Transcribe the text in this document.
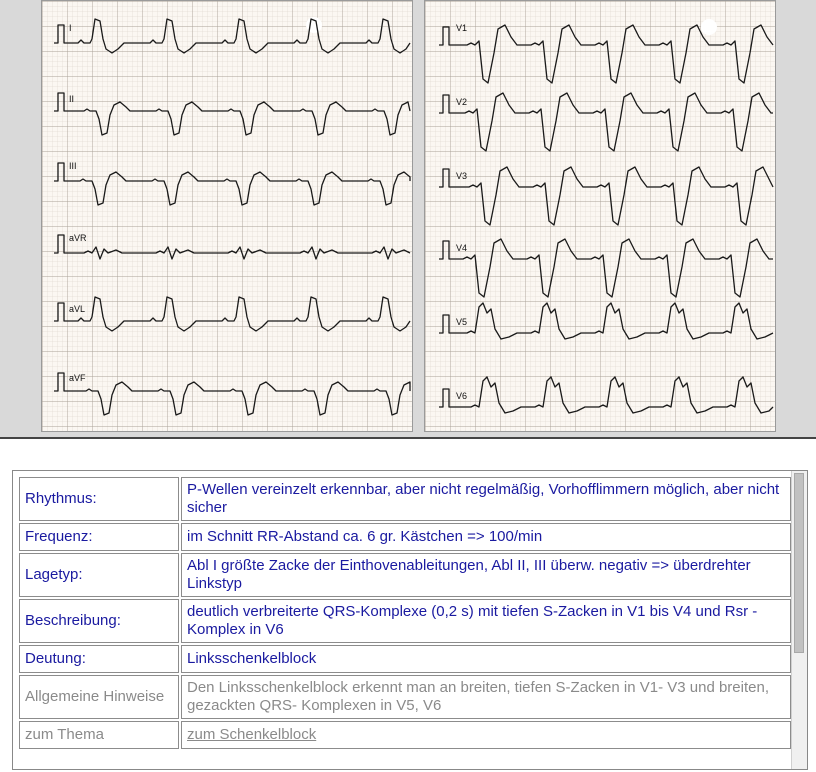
I
II
III
aVR
aVL
aVF
V1
V2
V3
V4
V5
V6
Rhythmus:	P-Wellen vereinzelt erkennbar, aber nicht regelmäßig, Vorhofflimmern möglich, aber nicht sicher
Frequenz:	im Schnitt RR-Abstand ca. 6 gr. Kästchen => 100/min
Lagetyp:	Abl I größte Zacke der Einthovenableitungen, Abl II, III überw. negativ => überdrehter Linkstyp
Beschreibung:	deutlich verbreiterte QRS-Komplexe (0,2 s) mit tiefen S-Zacken in V1 bis V4 und Rsr - Komplex in V6
Deutung:	Linksschenkelblock
Allgemeine Hinweise	Den Linksschenkelblock erkennt man an breiten, tiefen S-Zacken in V1- V3 und breiten, gezackten QRS- Komplexen in V5, V6
zum Thema	zum Schenkelblock
